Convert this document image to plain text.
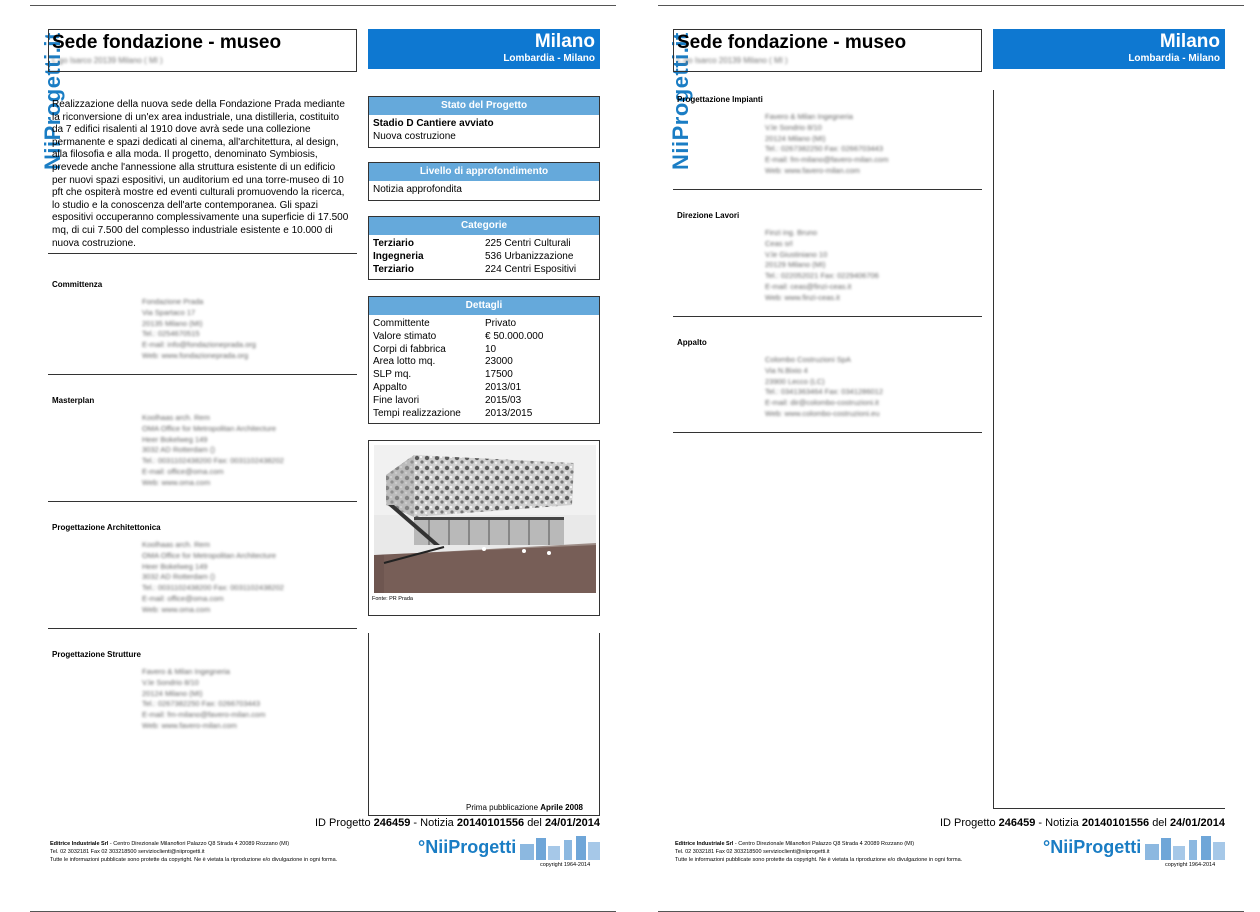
NiiProgetti.it
Sede fondazione - museo
L.go Isarco 20139 Milano ( MI )
Milano
Lombardia - Milano
Realizzazione della nuova sede della Fondazione Prada mediante la riconversione di un'ex area industriale, una distilleria, costituito da 7 edifici risalenti al 1910 dove avrà sede una collezione permanente e spazi dedicati al cinema, all'architettura, al design, alla filosofia e alla moda. Il progetto, denominato Symbiosis, prevede anche l'annessione alla struttura esistente di un edificio per nuovi spazi espositivi, un auditorium ed una torre-museo di 10 pft che ospiterà mostre ed eventi culturali promuovendo la ricerca, lo studio e la conoscenza dell'arte contemporanea. Gli spazi espositivi occuperanno complessivamente una superficie di 17.500 mq, di cui 7.500 del complesso industriale esistente e 10.000 di nuova costruzione.
Committenza
Fondazione Prada
Via Spartaco 17
20135 Milano (MI)
Tel.: 0254670515
E-mail: info@fondazioneprada.org
Web: www.fondazioneprada.org
Masterplan
Koolhaas arch. Rem
OMA Office for Metropolitan Architecture
Heer Bokelweg 149
3032 AD Rotterdam ()
Tel.: 0031102438200 Fax: 0031102438202
E-mail: office@oma.com
Web: www.oma.com
Progettazione Architettonica
Koolhaas arch. Rem
OMA Office for Metropolitan Architecture
Heer Bokelweg 149
3032 AD Rotterdam ()
Tel.: 0031102438200 Fax: 0031102438202
E-mail: office@oma.com
Web: www.oma.com
Progettazione Strutture
Favero & Milan Ingegneria
V.le Sondrio 8/10
20124 Milano (MI)
Tel.: 0267382250 Fax: 0266703443
E-mail: fm-milano@favero-milan.com
Web: www.favero-milan.com
Stato del Progetto
Stadio D Cantiere avviato
Nuova costruzione
Livello di approfondimento
Notizia approfondita
Categorie
Terziario	225 Centri Culturali
Ingegneria	536 Urbanizzazione
Terziario	224 Centri Espositivi
Dettagli
Committente	Privato
Valore stimato	€ 50.000.000
Corpi di fabbrica	10
Area lotto mq.	23000
SLP mq.	17500
Appalto	2013/01
Fine lavori	2015/03
Tempi realizzazione	2013/2015
Fonte: PR Prada
Prima pubblicazione Aprile 2008
ID Progetto 246459 - Notizia 20140101556 del 24/01/2014
Editrice Industriale Srl - Centro Direzionale Milanofiori Palazzo Q8 Strada 4 20089 Rozzano (MI)
Tel. 02 3032181 Fax 02 303218500 servizioclienti@niiprogetti.it
Tutte le informazioni pubblicate sono protette da copyright. Ne è vietata la riproduzione e/o divulgazione in ogni forma.
°NiiProgetti
copyright 1964-2014
NiiProgetti.it
Sede fondazione - museo
L.go Isarco 20139 Milano ( MI )
Milano
Lombardia - Milano
Progettazione Impianti
Favero & Milan Ingegneria
V.le Sondrio 8/10
20124 Milano (MI)
Tel.: 0267382250 Fax: 0266703443
E-mail: fm-milano@favero-milan.com
Web: www.favero-milan.com
Direzione Lavori
Finzi ing. Bruno
Ceas srl
V.le Giustiniano 10
20129 Milano (MI)
Tel.: 022052021 Fax: 0229406706
E-mail: ceas@finzi-ceas.it
Web: www.finzi-ceas.it
Appalto
Colombo Costruzioni SpA
Via N.Bixio 4
23900 Lecco (LC)
Tel.: 0341363464 Fax: 0341286012
E-mail: dir@colombo-costruzioni.it
Web: www.colombo-costruzioni.eu
ID Progetto 246459 - Notizia 20140101556 del 24/01/2014
Editrice Industriale Srl - Centro Direzionale Milanofiori Palazzo Q8 Strada 4 20089 Rozzano (MI)
Tel. 02 3032181 Fax 02 303218500 servizioclienti@niiprogetti.it
Tutte le informazioni pubblicate sono protette da copyright. Ne è vietata la riproduzione e/o divulgazione in ogni forma.
°NiiProgetti
copyright 1964-2014
